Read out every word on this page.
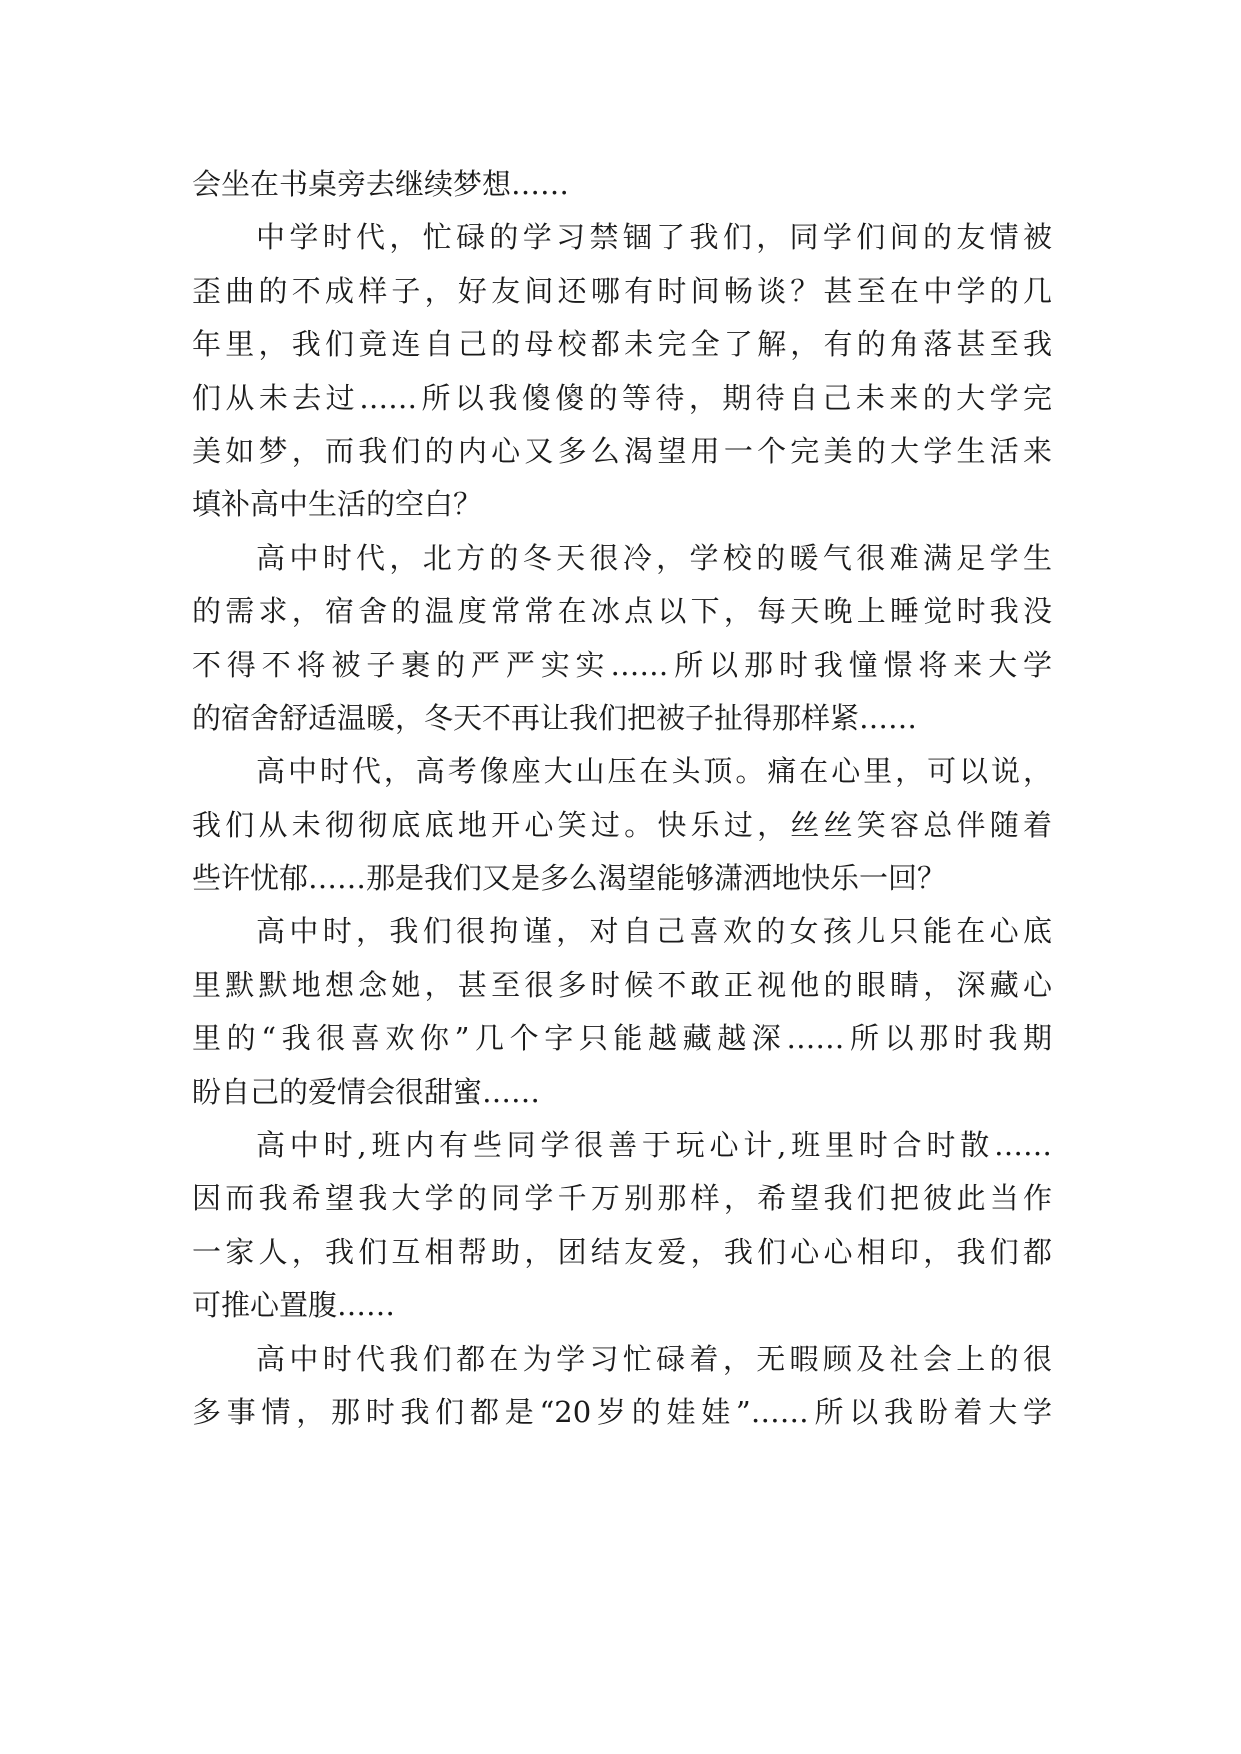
会坐在书桌旁去继续梦想……
中学时代，忙碌的学习禁锢了我们，同学们间的友情被
歪曲的不成样子，好友间还哪有时间畅谈？甚至在中学的几
年里，我们竟连自己的母校都未完全了解，有的角落甚至我
们从未去过……所以我傻傻的等待，期待自己未来的大学完
美如梦，而我们的内心又多么渴望用一个完美的大学生活来
填补高中生活的空白？
高中时代，北方的冬天很冷，学校的暖气很难满足学生
的需求，宿舍的温度常常在冰点以下，每天晚上睡觉时我没
不得不将被子裹的严严实实……所以那时我憧憬将来大学
的宿舍舒适温暖，冬天不再让我们把被子扯得那样紧……
高中时代，高考像座大山压在头顶。痛在心里，可以说，
我们从未彻彻底底地开心笑过。快乐过，丝丝笑容总伴随着
些许忧郁……那是我们又是多么渴望能够潇洒地快乐一回？
高中时，我们很拘谨，对自己喜欢的女孩儿只能在心底
里默默地想念她，甚至很多时候不敢正视他的眼睛，深藏心
里的“我很喜欢你”几个字只能越藏越深……所以那时我期
盼自己的爱情会很甜蜜……
高中时,班内有些同学很善于玩心计,班里时合时散……
因而我希望我大学的同学千万别那样，希望我们把彼此当作
一家人，我们互相帮助，团结友爱，我们心心相印，我们都
可推心置腹……
高中时代我们都在为学习忙碌着，无暇顾及社会上的很
多事情，那时我们都是“20岁的娃娃”……所以我盼着大学
